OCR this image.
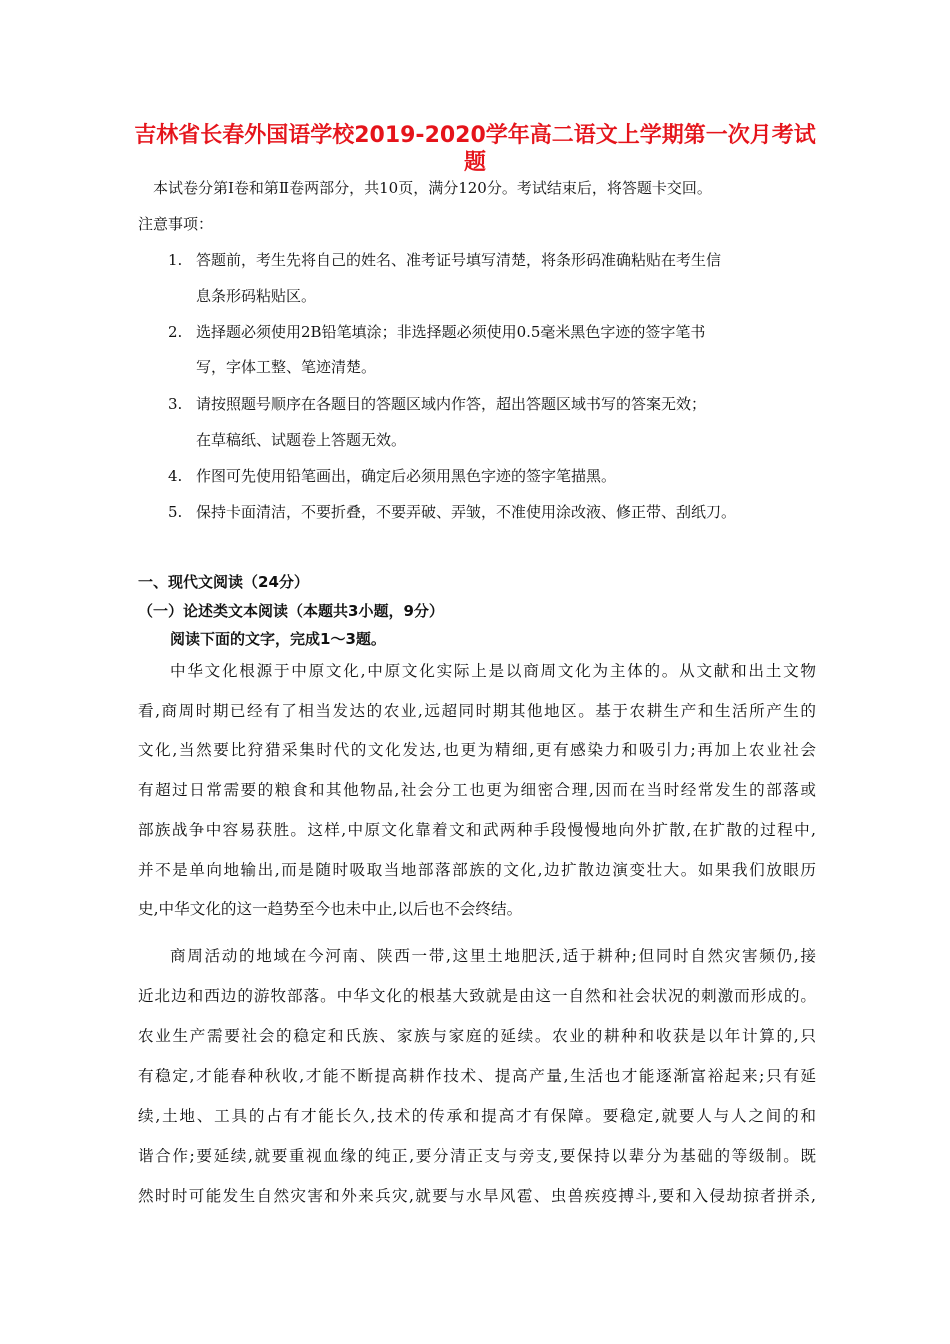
吉林省长春外国语学校2019-2020学年高二语文上学期第一次月考试
题
本试卷分第Ⅰ卷和第Ⅱ卷两部分，共10页，满分120分。考试结束后，将答题卡交回。
注意事项：
1. 答题前，考生先将自己的姓名、准考证号填写清楚，将条形码准确粘贴在考生信
息条形码粘贴区。
2. 选择题必须使用2B铅笔填涂；非选择题必须使用0.5毫米黑色字迹的签字笔书
写，字体工整、笔迹清楚。
3. 请按照题号顺序在各题目的答题区域内作答，超出答题区域书写的答案无效；
在草稿纸、试题卷上答题无效。
4. 作图可先使用铅笔画出，确定后必须用黑色字迹的签字笔描黑。
5. 保持卡面清洁，不要折叠，不要弄破、弄皱，不准使用涂改液、修正带、刮纸刀。
一、现代文阅读（24分）
（一）论述类文本阅读（本题共3小题，9分）
阅读下面的文字，完成1～3题。
中华文化根源于中原文化,中原文化实际上是以商周文化为主体的。从文献和出土文物
看,商周时期已经有了相当发达的农业,远超同时期其他地区。基于农耕生产和生活所产生的
文化,当然要比狩猎采集时代的文化发达,也更为精细,更有感染力和吸引力;再加上农业社会
有超过日常需要的粮食和其他物品,社会分工也更为细密合理,因而在当时经常发生的部落或
部族战争中容易获胜。这样,中原文化靠着文和武两种手段慢慢地向外扩散,在扩散的过程中,
并不是单向地输出,而是随时吸取当地部落部族的文化,边扩散边演变壮大。如果我们放眼历
史,中华文化的这一趋势至今也未中止,以后也不会终结。
商周活动的地域在今河南、陕西一带,这里土地肥沃,适于耕种;但同时自然灾害频仍,接
近北边和西边的游牧部落。中华文化的根基大致就是由这一自然和社会状况的刺激而形成的。
农业生产需要社会的稳定和氏族、家族与家庭的延续。农业的耕种和收获是以年计算的,只
有稳定,才能春种秋收,才能不断提高耕作技术、提高产量,生活也才能逐渐富裕起来;只有延
续,土地、工具的占有才能长久,技术的传承和提高才有保障。要稳定,就要人与人之间的和
谐合作;要延续,就要重视血缘的纯正,要分清正支与旁支,要保持以辈分为基础的等级制。既
然时时可能发生自然灾害和外来兵灾,就要与水旱风雹、虫兽疾疫搏斗,要和入侵劫掠者拼杀,
